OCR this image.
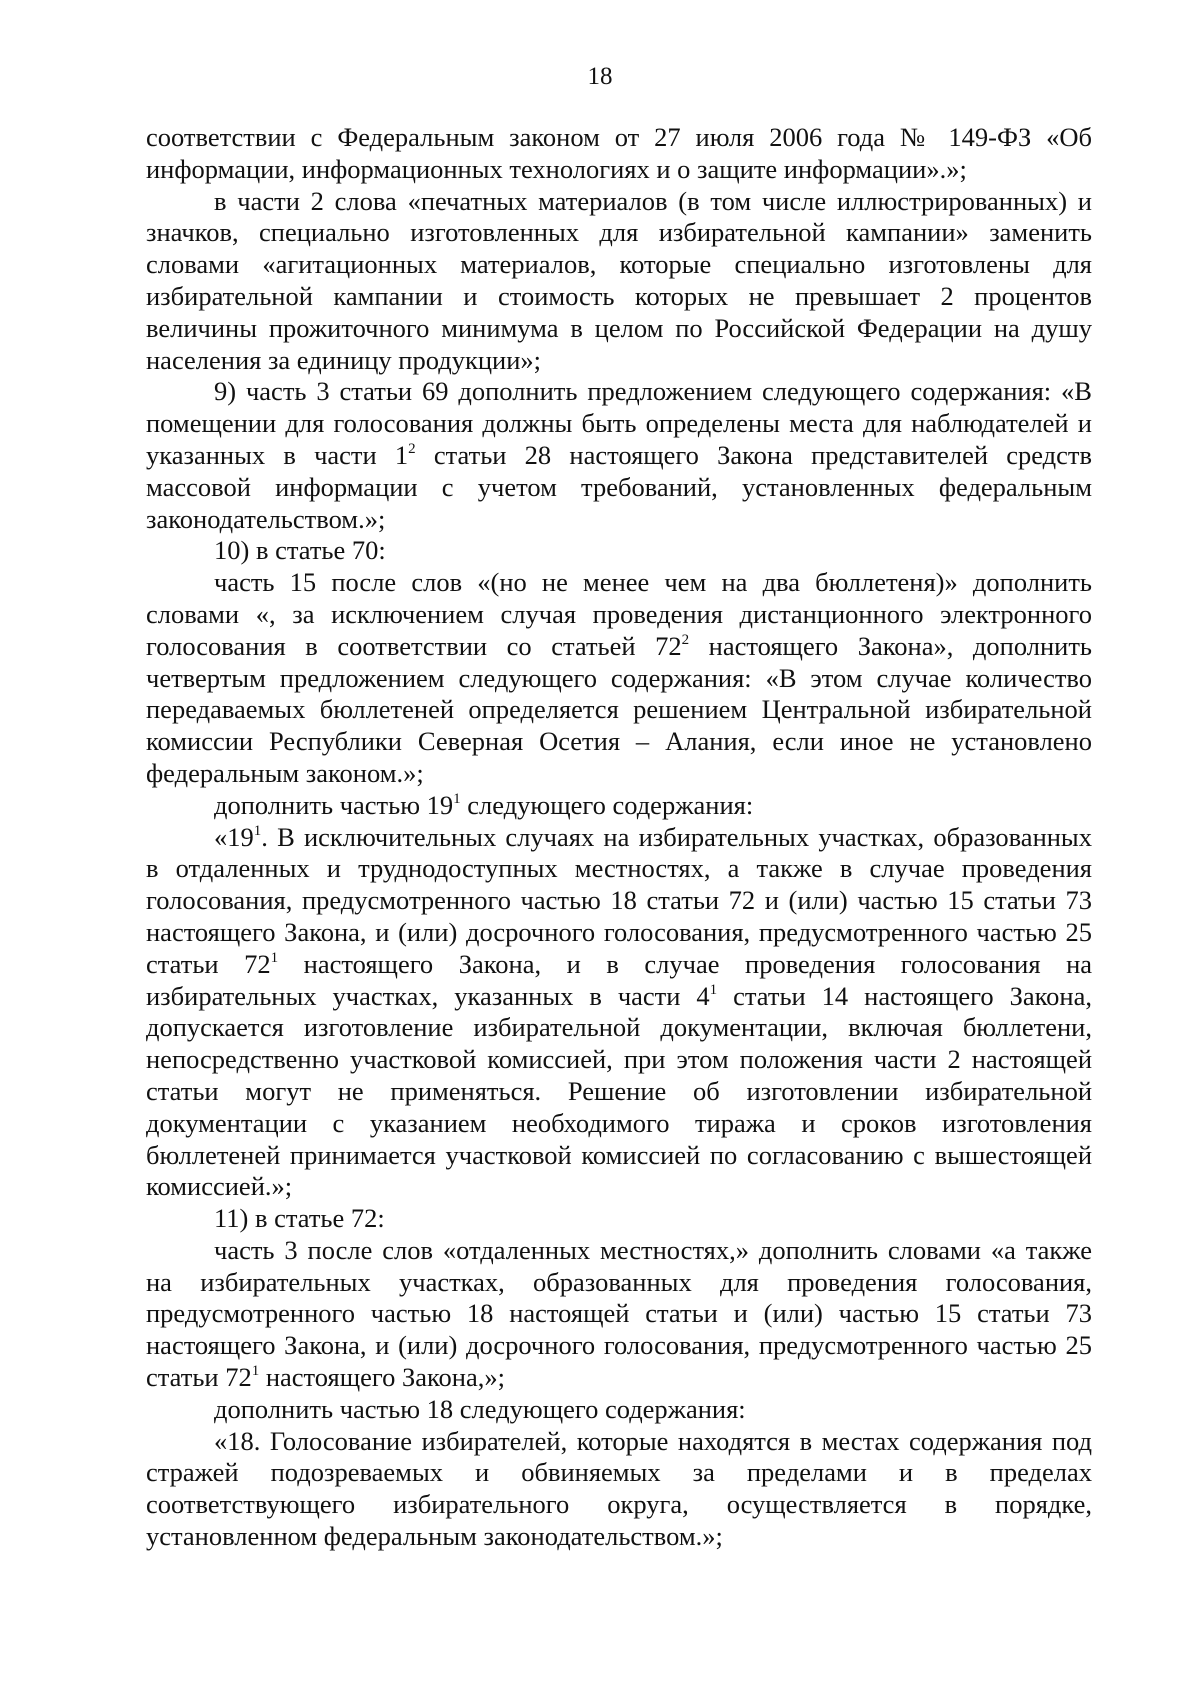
18

соответствии с Федеральным законом от 27 июля 2006 года № 149-ФЗ «Об информации, информационных технологиях и о защите информации».»;

в части 2 слова «печатных материалов (в том числе иллюстрированных) и значков, специально изготовленных для избирательной кампании» заменить словами «агитационных материалов, которые специально изготовлены для избирательной кампании и стоимость которых не превышает 2 процентов величины прожиточного минимума в целом по Российской Федерации на душу населения за единицу продукции»;

9) часть 3 статьи 69 дополнить предложением следующего содержания: «В помещении для голосования должны быть определены места для наблюдателей и указанных в части $1^2$ статьи 28 настоящего Закона представителей средств массовой информации с учетом требований, установленных федеральным законодательством.»;

10) в статье 70:

часть 15 после слов «(но не менее чем на два бюллетеня)» дополнить словами «, за исключением случая проведения дистанционного электронного голосования в соответствии со статьей $72^2$ настоящего Закона», дополнить четвертым предложением следующего содержания: «В этом случае количество передаваемых бюллетеней определяется решением Центральной избирательной комиссии Республики Северная Осетия – Алания, если иное не установлено федеральным законом.»;

дополнить частью $19^1$ следующего содержания:

«$19^1$. В исключительных случаях на избирательных участках, образованных в отдаленных и труднодоступных местностях, а также в случае проведения голосования, предусмотренного частью 18 статьи 72 и (или) частью 15 статьи 73 настоящего Закона, и (или) досрочного голосования, предусмотренного частью 25 статьи $72^1$ настоящего Закона, и в случае проведения голосования на избирательных участках, указанных в части $4^1$ статьи 14 настоящего Закона, допускается изготовление избирательной документации, включая бюллетени, непосредственно участковой комиссией, при этом положения части 2 настоящей статьи могут не применяться. Решение об изготовлении избирательной документации с указанием необходимого тиража и сроков изготовления бюллетеней принимается участковой комиссией по согласованию с вышестоящей комиссией.»;

11) в статье 72:

часть 3 после слов «отдаленных местностях,» дополнить словами «а также на избирательных участках, образованных для проведения голосования, предусмотренного частью 18 настоящей статьи и (или) частью 15 статьи 73 настоящего Закона, и (или) досрочного голосования, предусмотренного частью 25 статьи $72^1$ настоящего Закона,»;

дополнить частью 18 следующего содержания:

«18. Голосование избирателей, которые находятся в местах содержания под стражей подозреваемых и обвиняемых за пределами и в пределах соответствующего избирательного округа, осуществляется в порядке, установленном федеральным законодательством.»;
